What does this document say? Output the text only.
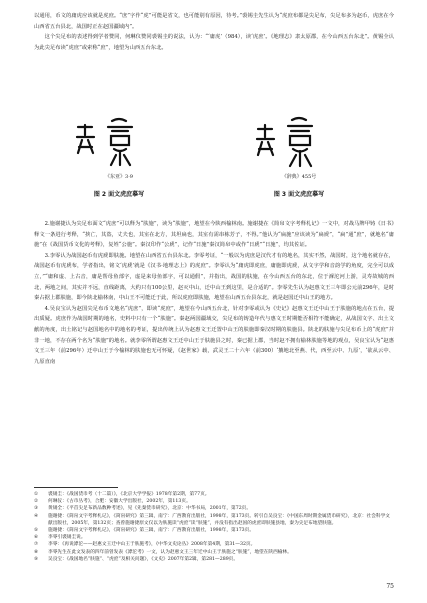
以通用，币文的庸虎应该就是虎庶。“庶”字作“虎”可能是省文，也可能别有原因，待考。”裘锡圭先生认为“虎庶布都是尖足布，尖足布多为赵币，虎庶在今山西省五台县北，战国时正在赵国疆域内”。

这个尖足布的表述得到学者赞同，何琳仪赞同裘锡圭的说法，认为：“‘庸虎’（984），读‘虎庶’。《地理志》隶太原郡，在今山西五台东北”。黄锡全认为此尖足布读“虎庶”或索称“庶”，地望为山西五台东北。

《东亚》3·9
图 2 面文虎庶摹写
《辞典》455号
图 3 面文虎庶摹写

2.施谢捷认为尖足布面文“虎庶”可以释为“肤施”，读为“肤施”，地望在今陕西榆林南。施谢捷在《简帛文字考释札记》一文中，对战马牌甲铸《日书》释文一条进行考释，“挟亡，其盗，丈夫也，其室在北方，其坦扁也，其室有需串栋芳子，不得。”他认为“扁施”应该读为“扁虒”，“扁”通“庶”，就地名“庸施”在《战国货币文化的考释》，复姓“公施”。秦汉印作“公虒”，记作“日施”秦汉简帛中或作“日虒”“日施”，均其佐证。

3.李零认为战国赵币有虎虒即肤施。地望在山西省五台县东北。李零考证，“一般以为虎庶是汉代才有的地名，其实不然，战国时，这个地名就存在，战国赵币有虎虒布，学者指出，铭文‘虎虒’就是《汉书·地理志上》的虎庶”。李零认为“庸虎即虎庶，庸施即虎虒，从文字学和音韵学的角度，完全可以成立，”“庸和虚、上古音，庸是帮母鱼部字，虚是来母鱼部字，可以通假”，并指出，战国的肤施，在今山西五台的东北，位于滹沱河上游，灵寿故城的西北，两地之间，其实并不远，直线距离，大约只有100公里，赵灭中山，迁中山王到这里，是合适的”。李零先生认为赵惠文王三年即公元前296年，是时秦占据上郡肤施，即今陕北榆林南，中山王不可能迁于此，所以虎庶即肤施，地望在山西五台县东北，就是赵国迁中山王的地方。

4.吴良宝认为赵国尖足布币文地名“虎庶”，即读“虎庶”，地望在今山西五台北，针对李零或认为《史记》赵惠文王迁中山王于肤施的地点在五台，提出质疑。虎庶作为战国时期的地名，史料中只有一个“肤施”。秦赵两国疆域交，尖足布的铸造年代与惠文王时期能否相符不能确定，从战国文字、出土文献的角度，出土铭记与赵国地名中的地名的考证，提出传统上认为赵惠文王迁置中山王的肤施即秦汉时期的肤施县。陕北的肤施与尖足布币上的“虎庶”并非一地，不存在两个名为“肤施”的地名。就李零所谓赵惠文王迁中山王于肤施县之时，秦已据上郡，当时赵不拥有榆林肤施等地的观点，吴良宝认为“赵惠文王三年（前296年）迁中山王于今榆林的肤施也无可怀疑，《赵世家》载，武灵王二十六年（前300）‘攘地北至燕、代，西至云中、九原’，‘欲从云中、九原直南

①	裘锡圭：《战国货币考（十二篇）》，《北京大学学报》1978年第2期，第77页。
②	何琳仪：《古币丛考》，合肥：安徽大学出版社，2002年，第113页。
③	黄锡全：《平首尖足布新品数种考述》，见《先秦货币研究》，北京：中华书局，2001年，第72页。
④	施谢捷：《简帛文字考释札记》，《简帛研究》第三辑，南宁：广西教育出版社，1998年，第173页。转引自吴良宝：《中国东周时期金属货币研究》，北京：社会科学文献出版社，2005年，第132页；查曾施谢捷原文仅以为肤施读“虎庶”读“肤施”，并没有指出赵国的虎庶即肤施县地，秦为尖足布地望肤施。
⑤	施谢捷：《简帛文字考释札记》，《简帛研究》第三辑，南宁：广西教育出版社，1998年，第173页。
⑥	李零引裘锡圭说。
⑦	李零：《再说滹沱——赵惠文王迁中山王于肤施考》，《中华文史论丛》2008年第4期，第31—32页。
⑧	李零先生在此文发表的四年前曾发表《滹沱考》一文，认为赵惠文王三年迁中山王于肤施之“肤施”，地望在陕西榆林。
⑨	吴良宝：《战国地名“肤施”、“虎庶”及相关问题》，《文史》2007年第2辑，第281—289页。
75
